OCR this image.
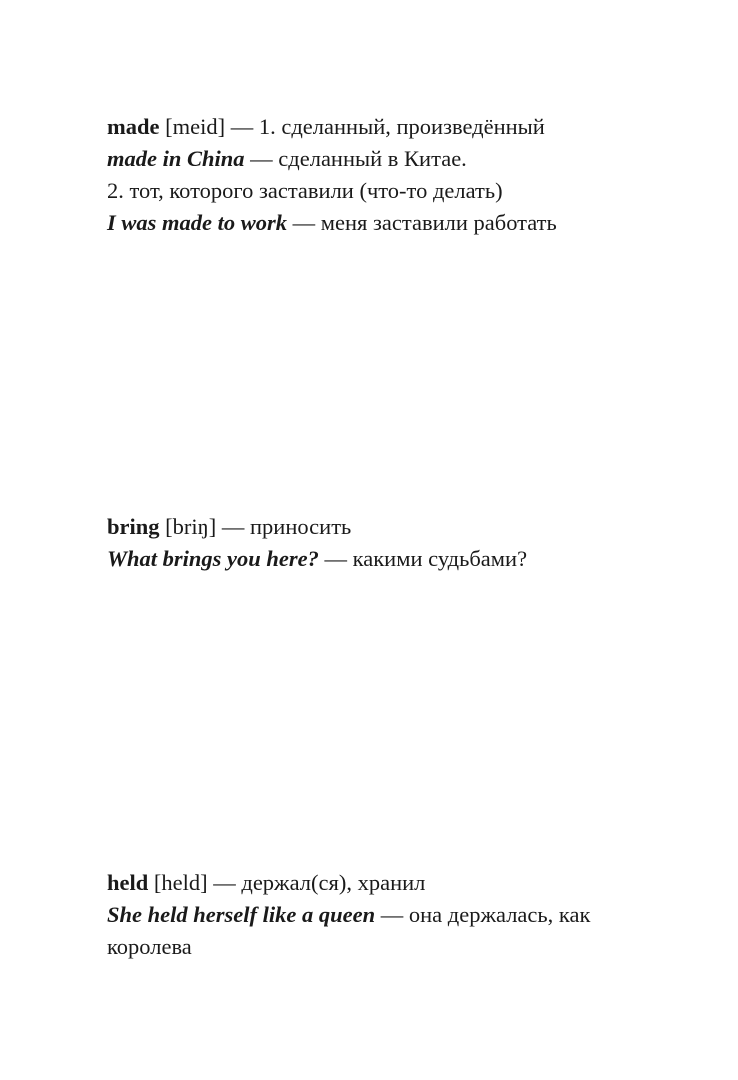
made [meid] — 1. сделанный, произведённый

made in China — сделанный в Китае.

2. тот, которого заставили (что-то делать)

I was made to work — меня заставили работать

bring [briŋ] — приносить

What brings you here? — какими судьбами?

held [held] — держал(ся), хранил

She held herself like a queen — она держалась, как королева
